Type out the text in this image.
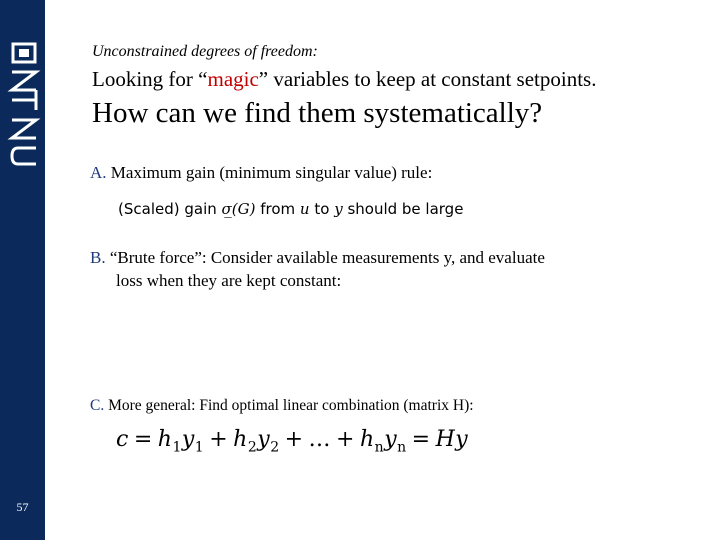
57
Unconstrained degrees of freedom:
Looking for “magic” variables to keep at constant setpoints.
How can we find them systematically?
A. Maximum gain (minimum singular value) rule:
(Scaled) gain σ̲(G) from u to y should be large
B. “Brute force”: Consider available measurements y, and evaluate
loss when they are kept constant:
C. More general: Find optimal linear combination (matrix H):
$c = h_1y_1 + h_2y_2$ + … + $h_ny_n = Hy$
